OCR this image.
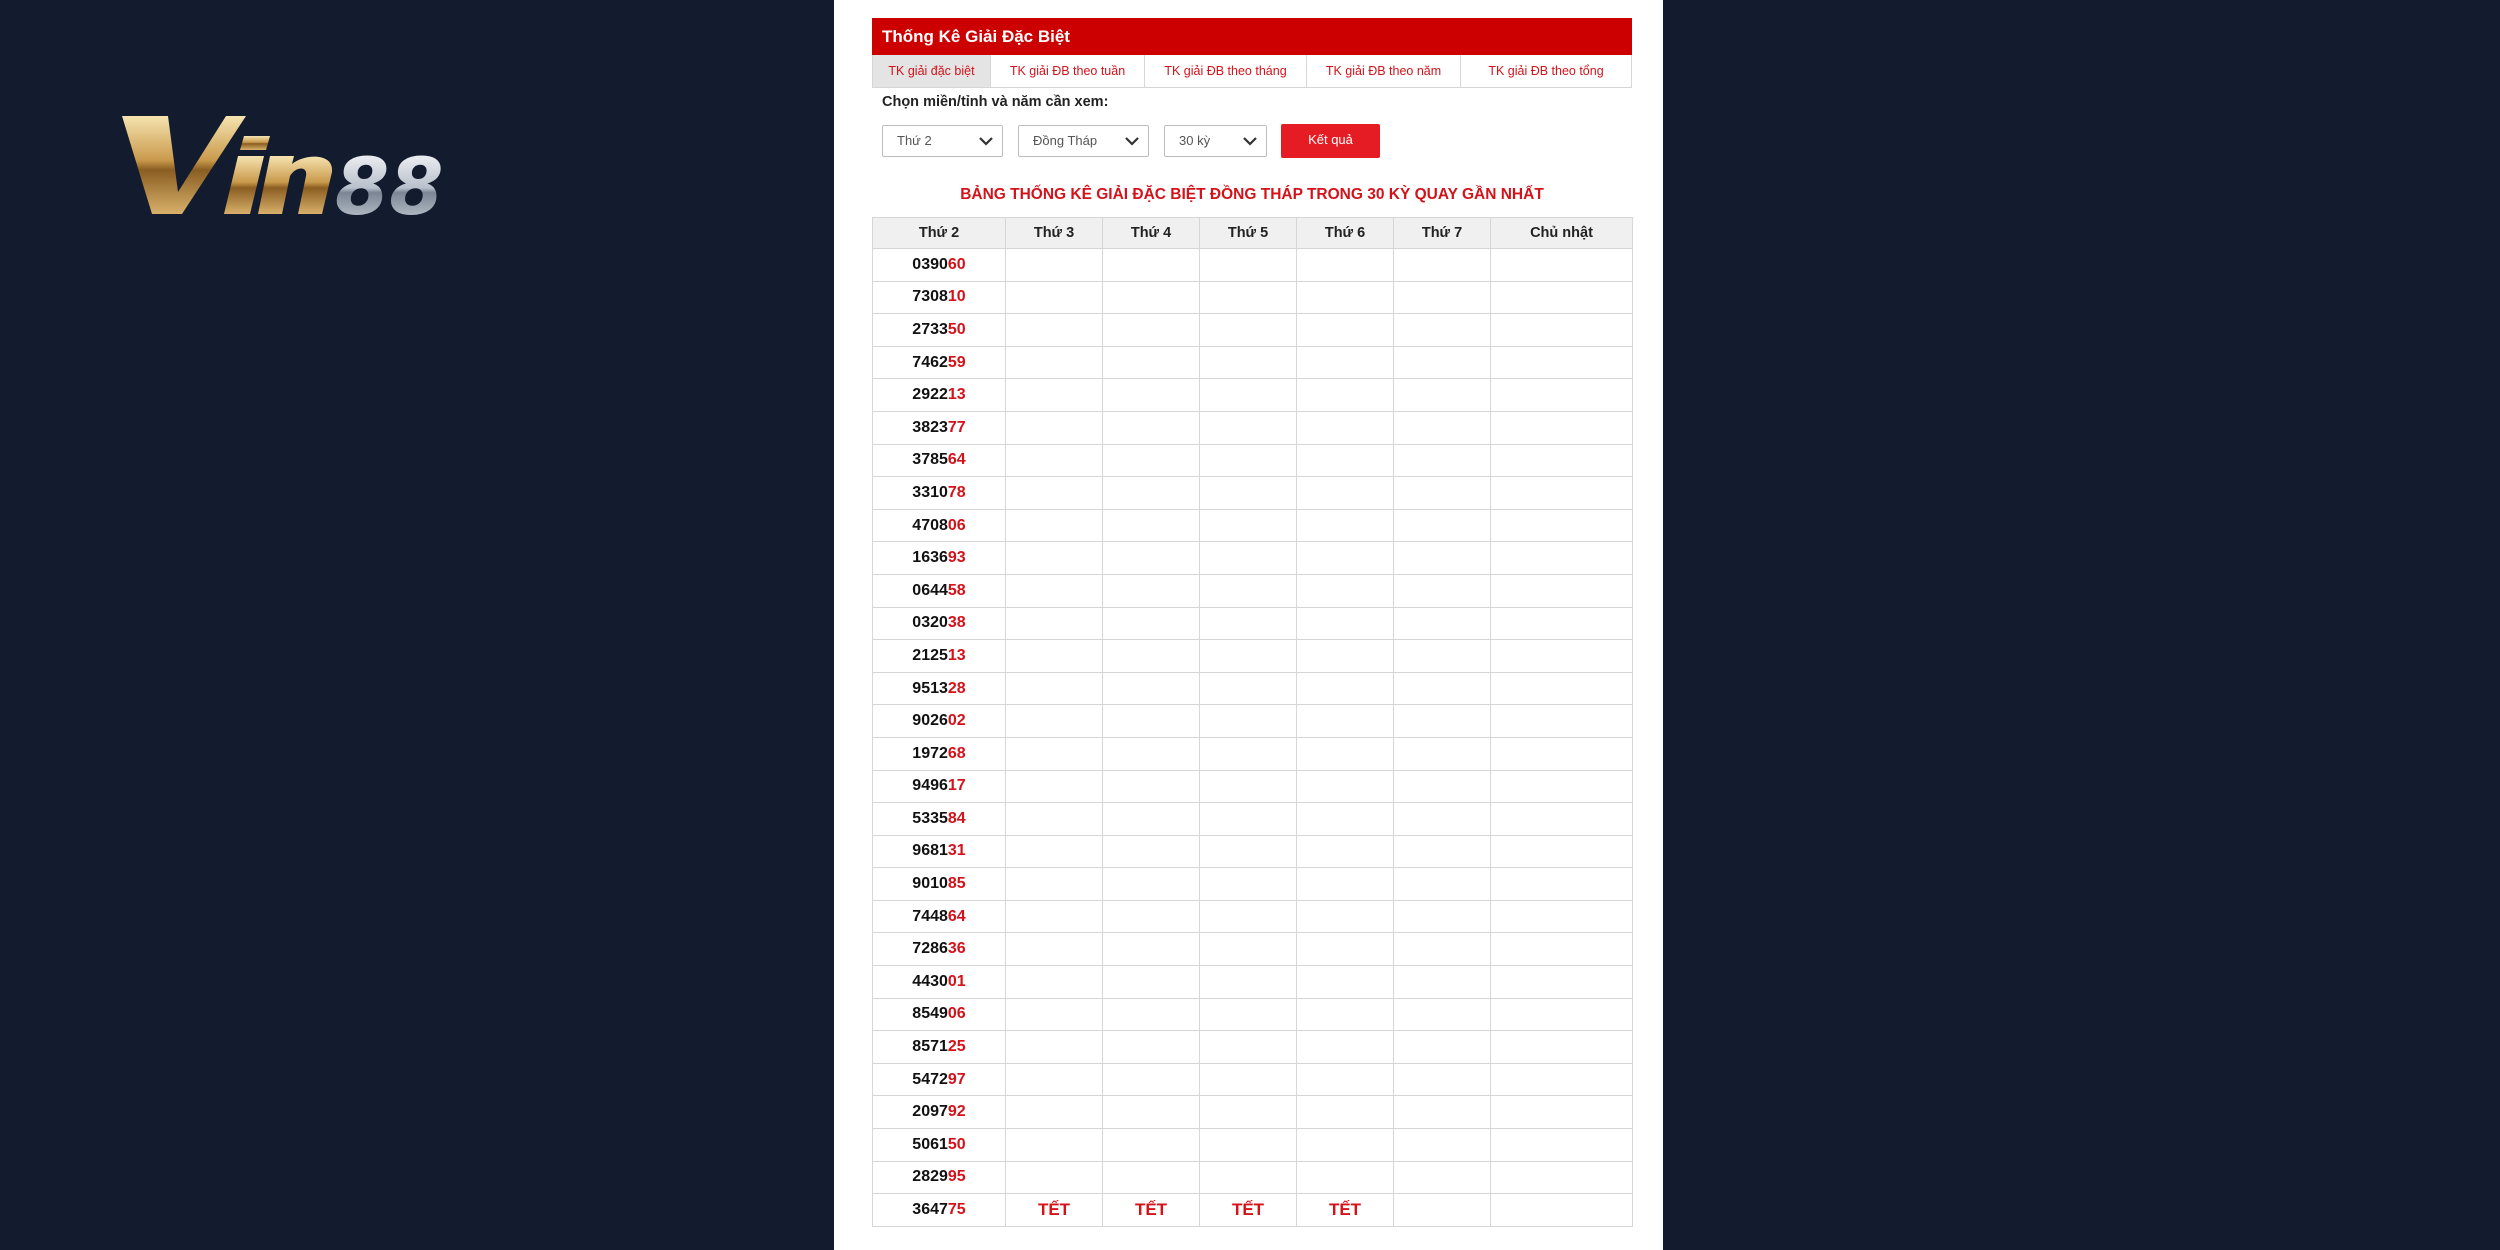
88
Thống Kê Giải Đặc Biệt
TK giải đặc biệt	TK giải ĐB theo tuần	TK giải ĐB theo tháng	TK giải ĐB theo năm	TK giải ĐB theo tổng
Chọn miền/tỉnh và năm cần xem:
Thứ 2	Đồng Tháp	30 kỳ	Kết quả
BẢNG THỐNG KÊ GIẢI ĐẶC BIỆT ĐỒNG THÁP TRONG 30 KỲ QUAY GẦN NHẤT
Thứ 2	Thứ 3	Thứ 4	Thứ 5	Thứ 6	Thứ 7	Chủ nhật
039060						
730810						
273350						
746259						
292213						
382377						
378564						
331078						
470806						
163693						
064458						
032038						
212513						
951328						
902602						
197268						
949617						
533584						
968131						
901085						
744864						
728636						
443001						
854906						
857125						
547297						
209792						
506150						
282995						
364775	TẾT	TẾT	TẾT	TẾT		
